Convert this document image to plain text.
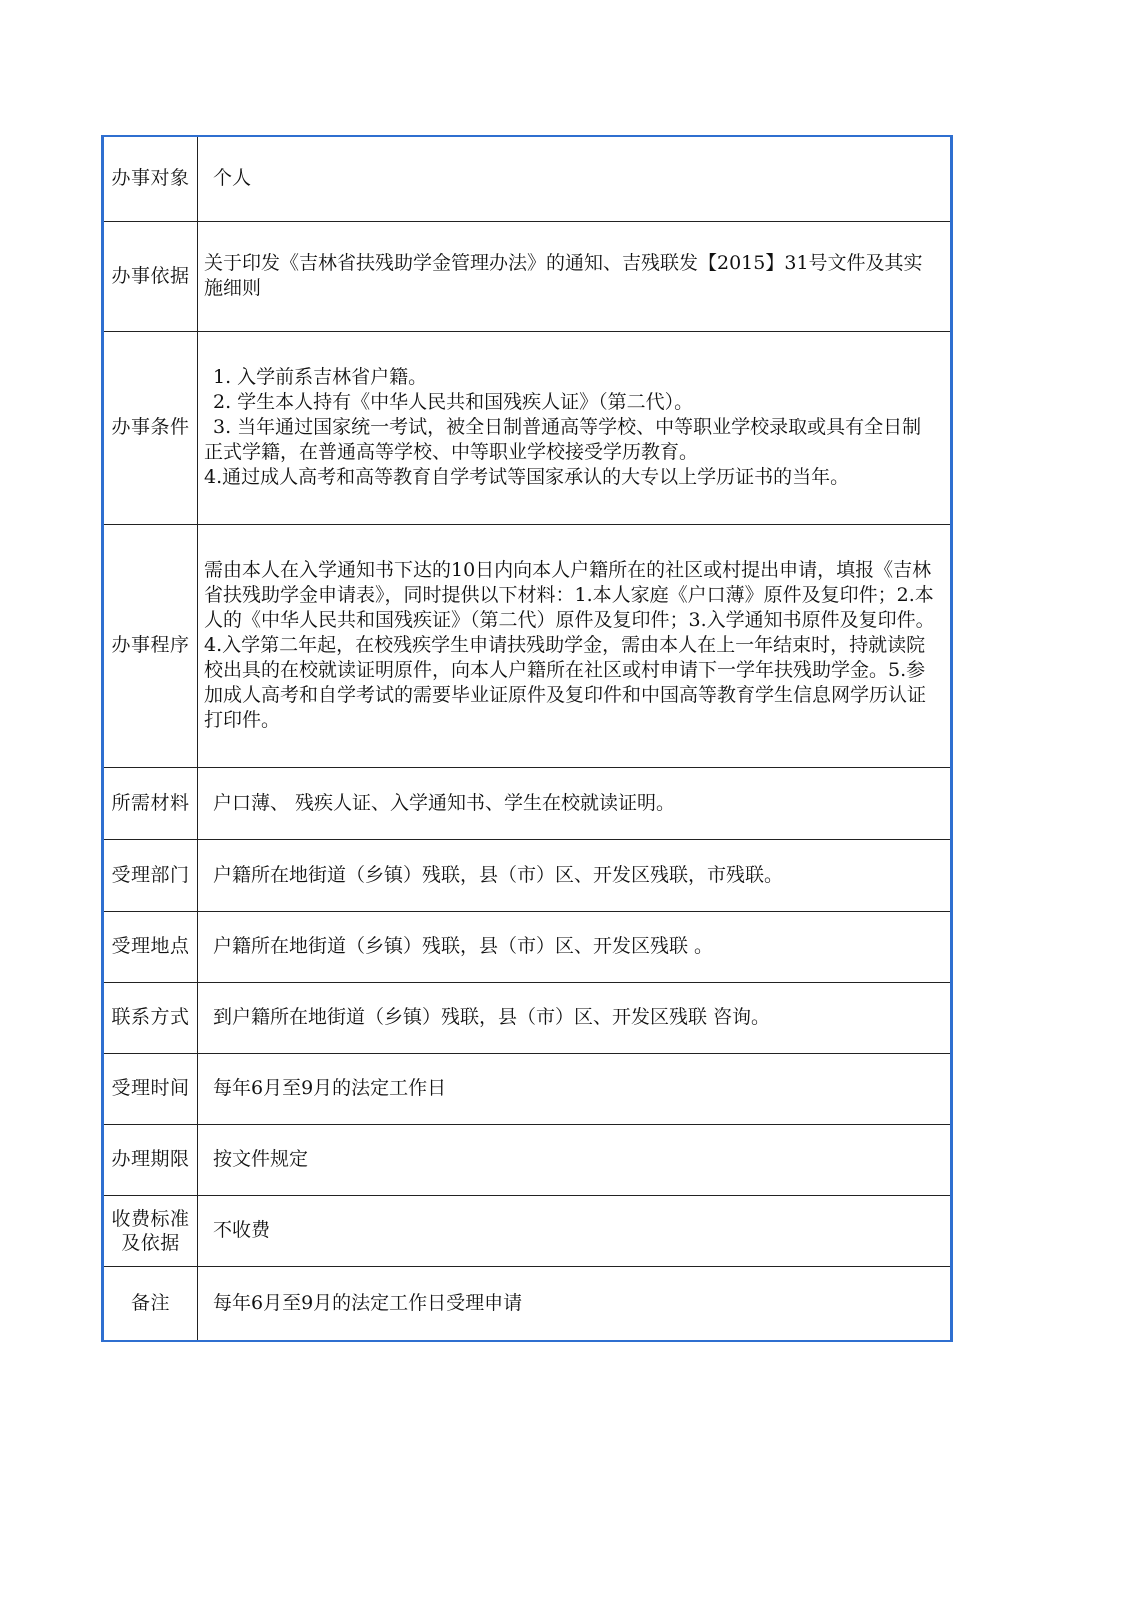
办事对象	个人
办事依据	关于印发《吉林省扶残助学金管理办法》的通知、吉残联发【2015】31号文件及其实施细则

办事条件	1. 入学前系吉林省户籍。
2. 学生本人持有《中华人民共和国残疾人证》（第二代）。
3. 当年通过国家统一考试，被全日制普通高等学校、中等职业学校录取或具有全日制正式学籍，在普通高等学校、中等职业学校接受学历教育。
4.通过成人高考和高等教育自学考试等国家承认的大专以上学历证书的当年。

办事程序	需由本人在入学通知书下达的10日内向本人户籍所在的社区或村提出申请，填报《吉林省扶残助学金申请表》，同时提供以下材料：1.本人家庭《户口薄》原件及复印件；2.本人的《中华人民共和国残疾证》（第二代）原件及复印件；3.入学通知书原件及复印件。4.入学第二年起，在校残疾学生申请扶残助学金，需由本人在上一年结束时，持就读院校出具的在校就读证明原件，向本人户籍所在社区或村申请下一学年扶残助学金。5.参加成人高考和自学考试的需要毕业证原件及复印件和中国高等教育学生信息网学历认证打印件。

所需材料	户口薄、 残疾人证、入学通知书、学生在校就读证明。
受理部门	户籍所在地街道（乡镇）残联，县（市）区、开发区残联，市残联。
受理地点	户籍所在地街道（乡镇）残联，县（市）区、开发区残联 。
联系方式	到户籍所在地街道（乡镇）残联，县（市）区、开发区残联 咨询。
受理时间	每年6月至9月的法定工作日
办理期限	按文件规定

收费标准
及依据	不收费
备注	每年6月至9月的法定工作日受理申请
